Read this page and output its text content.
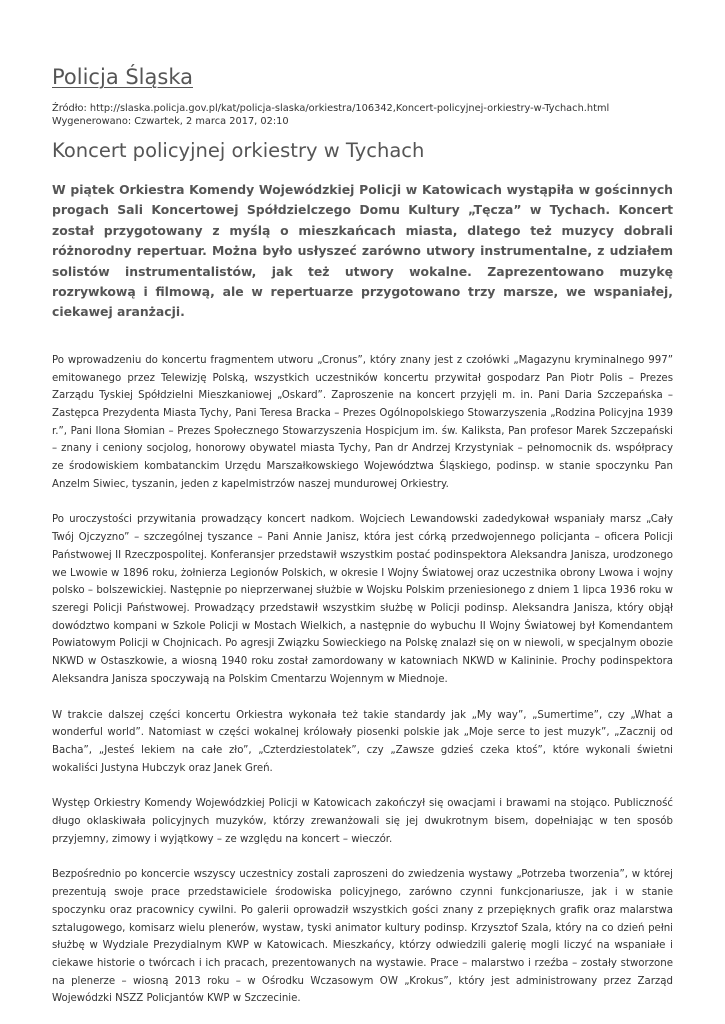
Policja Śląska
Źródło: http://slaska.policja.gov.pl/kat/policja-slaska/orkiestra/106342,Koncert-policyjnej-orkiestry-w-Tychach.html
Wygenerowano: Czwartek, 2 marca 2017, 02:10
Koncert policyjnej orkiestry w Tychach
W piątek Orkiestra Komendy Wojewódzkiej Policji w Katowicach wystąpiła w gościnnych progach Sali Koncertowej Spółdzielczego Domu Kultury „Tęcza” w Tychach. Koncert został przygotowany z myślą o mieszkańcach miasta, dlatego też muzycy dobrali różnorodny repertuar. Można było usłyszeć zarówno utwory instrumentalne, z udziałem solistów instrumentalistów, jak też utwory wokalne. Zaprezentowano muzykę rozrywkową i filmową, ale w repertuarze przygotowano trzy marsze, we wspaniałej, ciekawej aranżacji.
Po wprowadzeniu do koncertu fragmentem utworu „Cronus”, który znany jest z czołówki „Magazynu kryminalnego 997” emitowanego przez Telewizję Polską, wszystkich uczestników koncertu przywitał gospodarz Pan Piotr Polis – Prezes Zarządu Tyskiej Spółdzielni Mieszkaniowej „Oskard”. Zaproszenie na koncert przyjęli m. in. Pani Daria Szczepańska – Zastępca Prezydenta Miasta Tychy, Pani Teresa Bracka – Prezes Ogólnopolskiego Stowarzyszenia „Rodzina Policyjna 1939 r.”, Pani Ilona Słomian – Prezes Społecznego Stowarzyszenia Hospicjum im. św. Kaliksta, Pan profesor Marek Szczepański – znany i ceniony socjolog, honorowy obywatel miasta Tychy, Pan dr Andrzej Krzystyniak – pełnomocnik ds. współpracy ze środowiskiem kombatanckim Urzędu Marszałkowskiego Województwa Śląskiego, podinsp. w stanie spoczynku Pan Anzelm Siwiec, tyszanin, jeden z kapelmistrzów naszej mundurowej Orkiestry.
Po uroczystości przywitania prowadzący koncert nadkom. Wojciech Lewandowski zadedykował wspaniały marsz „Cały Twój Ojczyzno” – szczególnej tyszance – Pani Annie Janisz, która jest córką przedwojennego policjanta – oficera Policji Państwowej II Rzeczpospolitej. Konferansjer przedstawił wszystkim postać podinspektora Aleksandra Janisza, urodzonego we Lwowie w 1896 roku, żołnierza Legionów Polskich, w okresie I Wojny Światowej oraz uczestnika obrony Lwowa i wojny polsko – bolszewickiej. Następnie po nieprzerwanej służbie w Wojsku Polskim przeniesionego z dniem 1 lipca 1936 roku w szeregi Policji Państwowej. Prowadzący przedstawił wszystkim służbę w Policji podinsp. Aleksandra Janisza, który objął dowództwo kompani w Szkole Policji w Mostach Wielkich, a następnie do wybuchu II Wojny Światowej był Komendantem Powiatowym Policji w Chojnicach. Po agresji Związku Sowieckiego na Polskę znalazł się on w niewoli, w specjalnym obozie NKWD w Ostaszkowie, a wiosną 1940 roku został zamordowany w katowniach NKWD w Kalininie. Prochy podinspektora Aleksandra Janisza spoczywają na Polskim Cmentarzu Wojennym w Miednoje.
W trakcie dalszej części koncertu Orkiestra wykonała też takie standardy jak „My way”, „Sumertime”, czy „What a wonderful world”. Natomiast w części wokalnej królowały piosenki polskie jak „Moje serce to jest muzyk”, „Zacznij od Bacha”, „Jesteś lekiem na całe zło”, „Czterdziestolatek”, czy „Zawsze gdzieś czeka ktoś”, które wykonali świetni wokaliści Justyna Hubczyk oraz Janek Greń.
Występ Orkiestry Komendy Wojewódzkiej Policji w Katowicach zakończył się owacjami i brawami na stojąco. Publiczność długo oklaskiwała policyjnych muzyków, którzy zrewanżowali się jej dwukrotnym bisem, dopełniając w ten sposób przyjemny, zimowy i wyjątkowy – ze względu na koncert – wieczór.
Bezpośrednio po koncercie wszyscy uczestnicy zostali zaproszeni do zwiedzenia wystawy „Potrzeba tworzenia”, w której prezentują swoje prace przedstawiciele środowiska policyjnego, zarówno czynni funkcjonariusze, jak i w stanie spoczynku oraz pracownicy cywilni. Po galerii oprowadził wszystkich gości znany z przepięknych grafik oraz malarstwa sztalugowego, komisarz wielu plenerów, wystaw, tyski animator kultury podinsp. Krzysztof Szala, który na co dzień pełni służbę w Wydziale Prezydialnym KWP w Katowicach. Mieszkańcy, którzy odwiedzili galerię mogli liczyć na wspaniałe i ciekawe historie o twórcach i ich pracach, prezentowanych na wystawie. Prace – malarstwo i rzeźba – zostały stworzone na plenerze – wiosną 2013 roku – w Ośrodku Wczasowym OW „Krokus”, który jest administrowany przez Zarząd Wojewódzki NSZZ Policjantów KWP w Szczecinie.
